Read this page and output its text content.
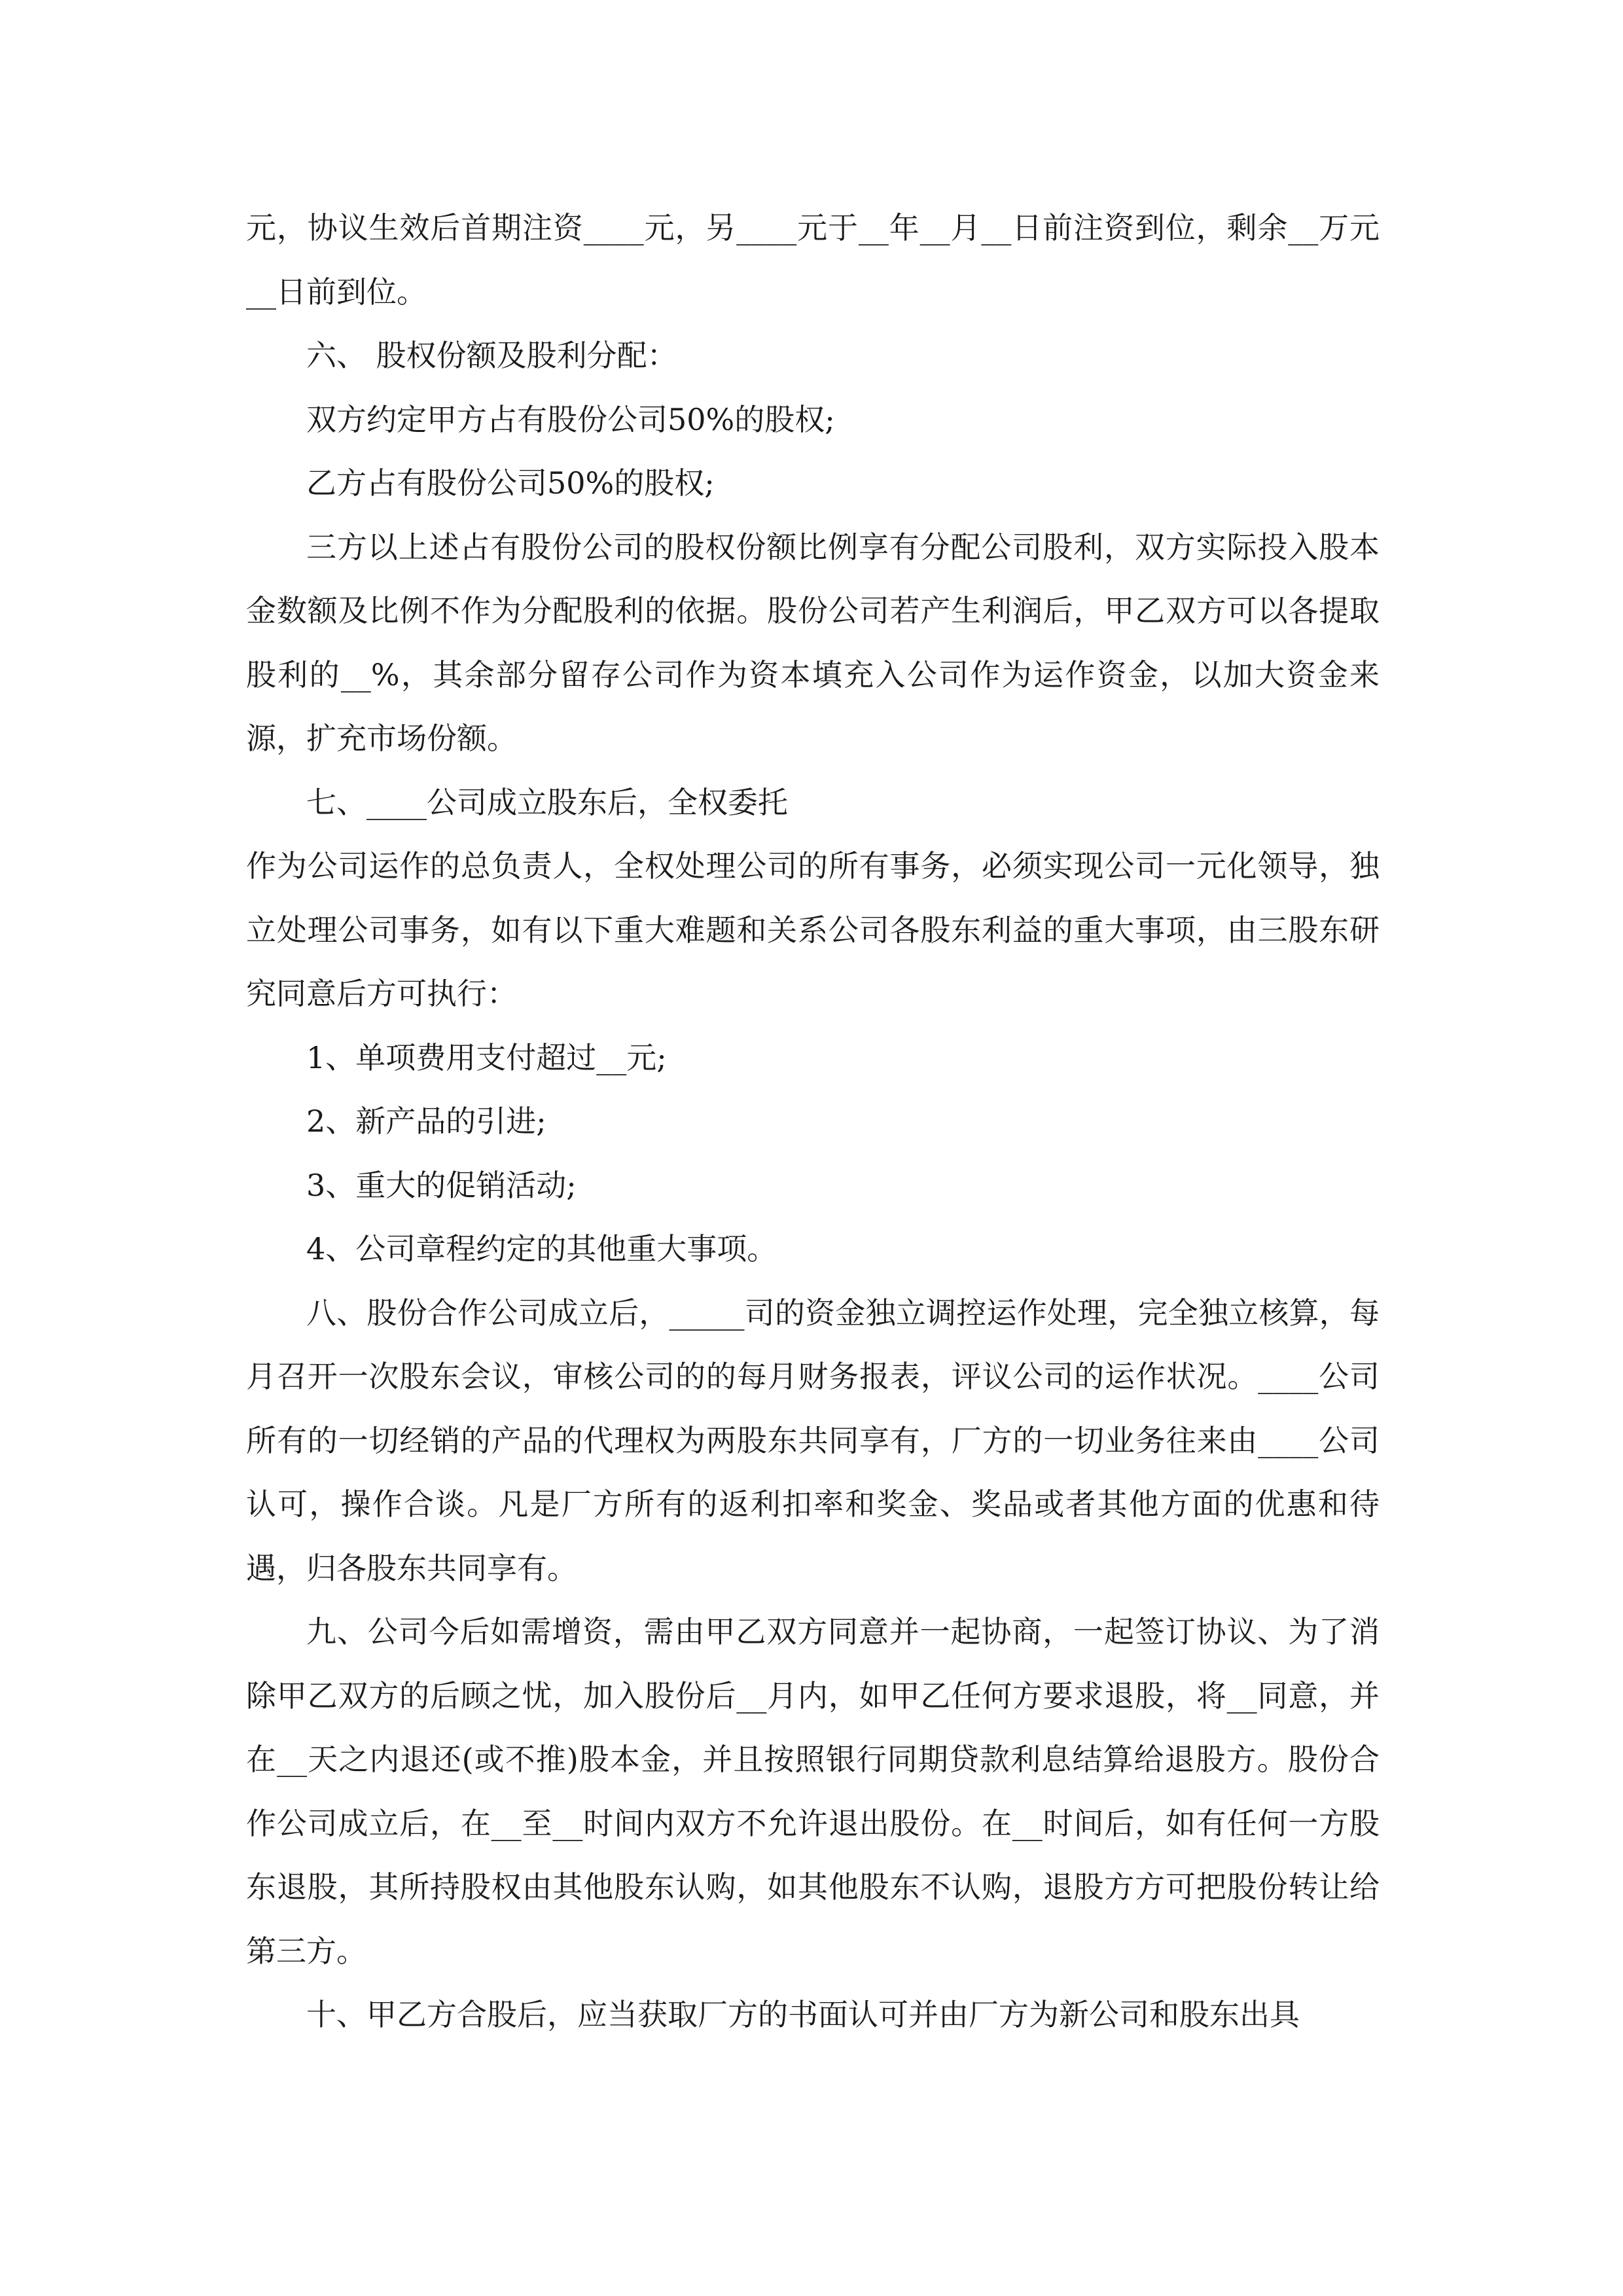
元，协议生效后首期注资____元，另____元于__年__月__日前注资到位，剩余__万元__日前到位。

六、 股权份额及股利分配：

双方约定甲方占有股份公司50%的股权;

乙方占有股份公司50%的股权;

三方以上述占有股份公司的股权份额比例享有分配公司股利，双方实际投入股本金数额及比例不作为分配股利的依据。股份公司若产生利润后，甲乙双方可以各提取股利的__%，其余部分留存公司作为资本填充入公司作为运作资金，以加大资金来源，扩充市场份额。

七、____公司成立股东后，全权委托

作为公司运作的总负责人，全权处理公司的所有事务，必须实现公司一元化领导，独立处理公司事务，如有以下重大难题和关系公司各股东利益的重大事项，由三股东研究同意后方可执行：

1、单项费用支付超过__元;

2、新产品的引进;

3、重大的促销活动;

4、公司章程约定的其他重大事项。

八、股份合作公司成立后，_____司的资金独立调控运作处理，完全独立核算，每月召开一次股东会议，审核公司的的每月财务报表，评议公司的运作状况。____公司所有的一切经销的产品的代理权为两股东共同享有，厂方的一切业务往来由____公司认可，操作合谈。凡是厂方所有的返利扣率和奖金、奖品或者其他方面的优惠和待遇，归各股东共同享有。

九、公司今后如需增资，需由甲乙双方同意并一起协商，一起签订协议、为了消除甲乙双方的后顾之忧，加入股份后__月内，如甲乙任何方要求退股，将__同意，并在__天之内退还(或不推)股本金，并且按照银行同期贷款利息结算给退股方。股份合作公司成立后，在__至__时间内双方不允许退出股份。在__时间后，如有任何一方股东退股，其所持股权由其他股东认购，如其他股东不认购，退股方方可把股份转让给第三方。

十、甲乙方合股后，应当获取厂方的书面认可并由厂方为新公司和股东出具
